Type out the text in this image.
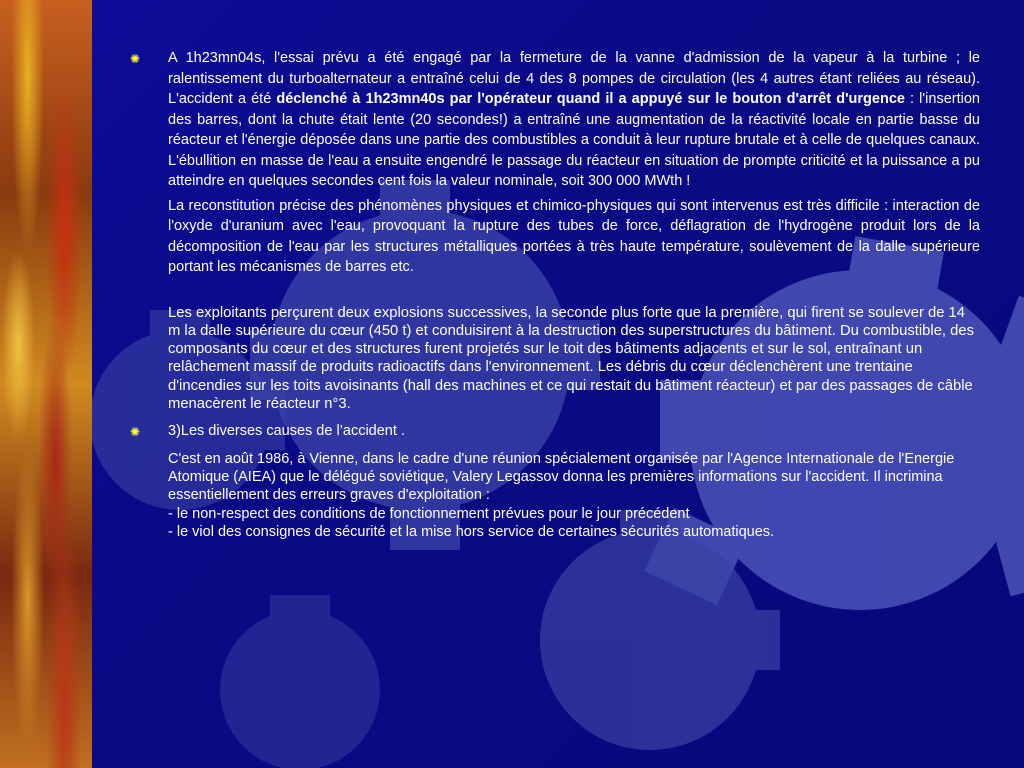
✺ A 1h23mn04s, l'essai prévu a été engagé par la fermeture de la vanne d'admission de la vapeur à la turbine ; le ralentissement du turboalternateur a entraîné celui de 4 des 8 pompes de circulation (les 4 autres étant reliées au réseau). L'accident a été déclenché à 1h23mn40s par l'opérateur quand il a appuyé sur le bouton d'arrêt d'urgence : l'insertion des barres, dont la chute était lente (20 secondes!) a entraîné une augmentation de la réactivité locale en partie basse du réacteur et l'énergie déposée dans une partie des combustibles a conduit à leur rupture brutale et à celle de quelques canaux. L'ébullition en masse de l'eau a ensuite engendré le passage du réacteur en situation de prompte criticité et la puissance a pu atteindre en quelques secondes cent fois la valeur nominale, soit 300 000 MWth !

La reconstitution précise des phénomènes physiques et chimico-physiques qui sont intervenus est très difficile : interaction de l'oxyde d'uranium avec l'eau, provoquant la rupture des tubes de force, déflagration de l'hydrogène produit lors de la décomposition de l'eau par les structures métalliques portées à très haute température, soulèvement de la dalle supérieure portant les mécanismes de barres etc.

Les exploitants perçurent deux explosions successives, la seconde plus forte que la première, qui firent se soulever de 14 m la dalle supérieure du cœur (450 t) et conduisirent à la destruction des superstructures du bâtiment. Du combustible, des composants du cœur et des structures furent projetés sur le toit des bâtiments adjacents et sur le sol, entraînant un relâchement massif de produits radioactifs dans l'environnement. Les débris du cœur déclenchèrent une trentaine d'incendies sur les toits avoisinants (hall des machines et ce qui restait du bâtiment réacteur) et par des passages de câble menacèrent le réacteur n°3.

✺ 3)Les diverses causes de l’accident .

C'est en août 1986, à Vienne, dans le cadre d'une réunion spécialement organisée par l'Agence Internationale de l'Energie Atomique (AIEA) que le délégué soviétique, Valery Legassov donna les premières informations sur l'accident. Il incrimina essentiellement des erreurs graves d'exploitation :

- le non-respect des conditions de fonctionnement prévues pour le jour précédent
- le viol des consignes de sécurité et la mise hors service de certaines sécurités automatiques.
